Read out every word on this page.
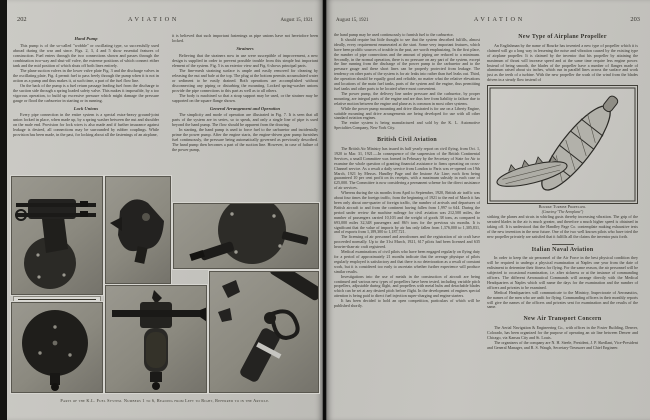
202	AVIATION	August 15, 1921
Hand Pump

This pump is of the so-called "wobble" or oscillating type, so successfully used abroad during the war and since. Figs. 2, 3, 4 and 5 show essential features of construction. Fuel enters through the two connections shown and passes through the combination two-way and shut-off valve, the extreme positions of which connect either tank and the mid position of which shuts off both lines entirely.

The plane suction valves in the lower valve plate Fig. 3 and the discharge valves in the oscillating plate, Fig. 4 permit fuel to pass freely through the pump when it is not in action as a pump and thus makes it, at such time, a part of the fuel flow line.

On the back of the pump is a fuel return passage leading fuel from the discharge to the suction side through a spring loaded safety valve. This makes it impossible, by a too vigorous operation, to build up excessive pressure which might damage the pressure gauge or flood the carburetor in starting or in running.

Lock Unions

Every pipe connection in the entire system is a special extra-heavy ground-joint union locked in place, when made up, by a spring washer between the nut and shoulder on the male end. Provision for lock wires is also made and if further insurance against leakage is desired, all connections may be surrounded by rubber couplings. While provision has been made, in the past, for locking about all the fastenings of an airplane,

it is believed that such important fastenings as pipe unions have not heretofore been locked.

Strainers

Believing that the strainers now in use were susceptible of improvement, a new design is supplied in order to prevent possible trouble from this simple but important element of the system. Fig. 5 is an exterior view and Fig. 6 shows principal parts.

The fine-mesh straining surface is ample and easily removed for cleaning by releasing the nut and bale at the top. The plug at the bottom permits accumulated water or sediment to be easily drained. Both operations are accomplished without disconnecting any piping or disturbing the mounting. Locked spring-washer unions provide the pipe connections to this part as well as to all others.

The body is machined so that a strap support may be used, or the strainer may be supported on the square flange shown.

General Arrangement and Operation

The simplicity and mode of operation are illustrated in Fig. 7. It is seen that all parts of the system are in series, so to speak, and only a single line of pipe is used beyond the hand pump. The flow should be apparent from the drawing.

In starting, the hand pump is used to force fuel to the carburetor and incidentally prime the power pump. After the engine starts, the engine-driven gear pump furnishes fuel continuously, the pressure being automatically governed as previously described. The hand pump then becomes a part of the suction line. However, in case of failure of the power pump,

Parts of the K.L. Fuel System. Numbers 1 to 6, Reading from Left to Right, Referred to in the Article.
August 15, 1921	AVIATION	203

the hand pump may be used continuously to furnish fuel to the carburetor.

It should require but little thought to see that the system described fulfills, almost ideally, every requirement enumerated at the start. Some very important features, which have been prolific sources of trouble in the past, are worth emphasizing. In the first place, the number of pipe connections and the amount of piping are reduced to a minimum. Secondly, in the normal operation, there is no pressure on any part of the system, except the line running from the discharge of the power pump to the carburetor and to the pressure gauge and these short lines can be properly protected from leakage. The tendency on other parts of the system is for air leaks into rather than fuel leaks out. Third, the operation should be equally good and reliable, no matter what the relative elevations and locations of the main fuel tanks, parts of the system and the engine, thus permitting fuel tanks and other parts to be located where most convenient.

The power pump, the delivery line under pressure and the carburetor, by proper mounting, are integral parts of the engine and are thus free from liability to failure due to relative motion between the engine and plane as is common in most other systems.

While the power pump mounting and drive illustrated is for use on a Liberty Engine, suitable mounting and drive arrangements are being developed for use with all other standard aviation engines.

The entire system is being manufactured and sold by the K. L. Automotive Specialties Company, New York City.

British Civil Aviation

The British Air Ministry has issued its half yearly report on civil flying, from Oct. 1, 1920 to Mar. 31, 1921.—In consequence of the suspension of the British Continental Services, a small Committee was formed in February by the Secretary of State for Air to examine the whole question of granting financial assistance to firms operating on cross-Channel service. As a result a daily service from London to Paris was re-opened on 19th March, 1921 by Messrs. Handley Page and the Instone Air Line; each firm being guaranteed 10 per cent profit on its receipts, with a maximum subsidy in each case of £25,000. The Committee is now considering a permanent scheme for the direct assistance of air services.

Whereas during the six months from April to September, 1920, British air traffic was about four times the foreign traffic, from the beginning of 1921 to the end of March it has been only about one-quarter of foreign traffic, the number of arrivals and departures of British aircraft to and from the continent having fallen from 1,997 to 644. During the period under review the machine mileage for civil aviation was 212,500 miles, the number of passengers carried 10,103 and the weight of goods 38 tons, as compared to 693,000 miles 32,348 passengers and 86½ tons for the previous six months. It is significant that the value of imports by air has only fallen from 1,376,000 to 1,305,831, and of exports from 1,189,300 to 1,187,721.

The licensing of air personnel and aerodromes and the registration of air craft have proceeded normally. Up to the 31st March, 1921, 617 pilots had been licensed and 635 heavier-than-air craft registered.

Medical examinations of civil pilots who have been engaged regularly on flying duty for a period of approximately 21 months indicate that the average physique of pilots regularly employed is satisfactory and that there is no deterioration as a result of constant work, but it is considered too early to ascertain whether further experience will produce similar results.

Investigations into the use of metals in the construction of aircraft are being continued and various new types of propellers have been tested, including variable pitch propellers, adjustable during flight, and propellers with metal hubs and detachable blades which can be set at any desired pitch before flight. In the development of engines special attention is being paid to direct fuel injection super-charging and engine starters.

It has been decided to hold an open competition, particulars of which will be published shortly.

New Type of Airplane Propeller

An Englishman by the name of Bourke has invented a new type of propeller which it is claimed will go a long way in lessening the noise and vibration caused by the existing type of airplane propeller. It is claimed by the inventor that his propeller by attaining the maximum of thrust will increase speed and at the same time require less engine power. Instead of being smooth, the blades of the propeller have a number of flanges made of aluminum raised about six inches, which run in parallel lines across the surface and work just as the teeth of a turbine. With the new propeller the wash of the wind from the blades driven in a steady flow instead of

Bourke Turbine Propeller.

(Courtesy "The Aeroplane")

striking the planes and struts in whirling gusts thereby increasing vibration. The grip of the serrated blades in the air is much greater, and therefore a much higher speed is obtained in taking off. It is understood that the Handley Page Co. contemplate making exhaustive tests of the new invention in the near future. One of the two well known pilots who have tried the new propeller privately are satisfied that it fulfills all the claims the inventor puts forth.

Italian Naval Aviation

In order to keep the air personnel of the Air Force in the best physical condition they will be required to undergo a physical examination at Naples one year from the date of enlistment to determine their fitness for flying. For the same reason, the air personnel will be subjected to occasional examination, i.e. after sickness or at the instance of commanding officers. The different Aeronautical Commands will arrange directly with the Medical Headquarters at Naples which will name the days for the examination and the number of officers and privates to be examined.

Medical Headquarters will communicate to the Ministry, Inspectorate of Aeronautics, the names of the men who are unfit for flying. Commanding officers in their monthly reports will give the names of the officers and privates sent for examination and the results of the same.

New Air Transport Concern

The Aerial Navigation & Engineering Co., with offices in the Foster Building, Denver, Colorado, has been organized for the purpose of operating an air line between Denver and Chicago, via Kansas City and St. Louis.

The organizers of the company are N. H. Steele, President, J. P. Skedlant, Vice-President and General Manager, and R. S. Waugh, Secretary-Treasurer and Chief Engineer.
